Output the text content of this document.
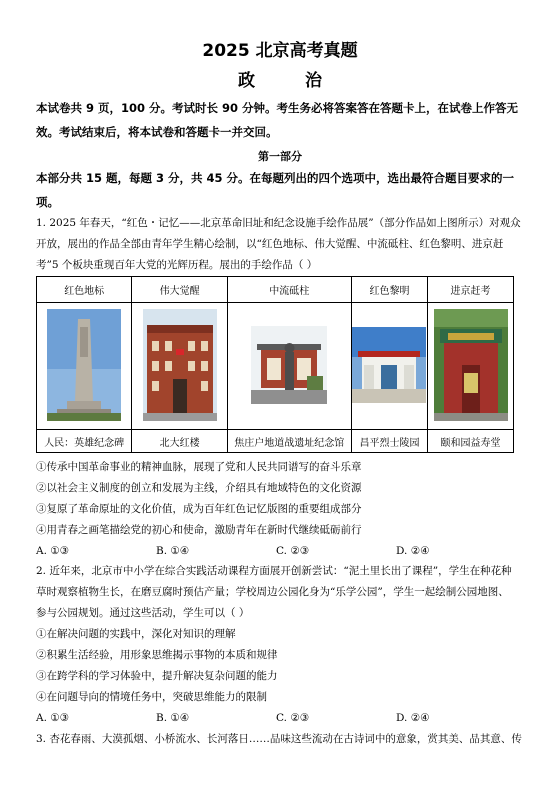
2025 北京高考真题
政 治
本试卷共 9 页，100 分。考试时长 90 分钟。考生务必将答案答在答题卡上，在试卷上作答无
效。考试结束后，将本试卷和答题卡一并交回。
第一部分
本部分共 15 题，每题 3 分，共 45 分。在每题列出的四个选项中，选出最符合题目要求的一
项。
1. 2025 年春天，“红色・记忆——北京革命旧址和纪念设施手绘作品展”（部分作品如上图所示）对观众
开放，展出的作品全部由青年学生精心绘制，以“红色地标、伟大觉醒、中流砥柱、红色黎明、进京赶
考”5 个板块重现百年大党的光辉历程。展出的手绘作品（ ）
红色地标	伟大觉醒	中流砥柱	红色黎明	进京赶考

人民：英雄纪念碑	北大红楼	焦庄户地道战遗址纪念馆	昌平烈士陵园	颐和园益寿堂
①传承中国革命事业的精神血脉，展现了党和人民共同谱写的奋斗乐章
②以社会主义制度的创立和发展为主线，介绍具有地域特色的文化资源
③复原了革命原址的文化价值，成为百年红色记忆版图的重要组成部分
④用青春之画笔描绘党的初心和使命，激励青年在新时代继续砥砺前行
A. ①③	B. ①④	C. ②③	D. ②④
2. 近年来，北京市中小学在综合实践活动课程方面展开创新尝试：“泥土里长出了课程”，学生在种花种
草时观察植物生长，在磨豆腐时预估产量；学校周边公园化身为“乐学公园”，学生一起绘制公园地图、
参与公园规划。通过这些活动，学生可以（ ）
①在解决问题的实践中，深化对知识的理解
②积累生活经验，用形象思维揭示事物的本质和规律
③在跨学科的学习体验中，提升解决复杂问题的能力
④在问题导向的情境任务中，突破思维能力的限制
A. ①③	B. ①④	C. ②③	D. ②④
3. 杏花春雨、大漠孤烟、小桥流水、长河落日……品味这些流动在古诗词中的意象，赏其美、品其意、传
